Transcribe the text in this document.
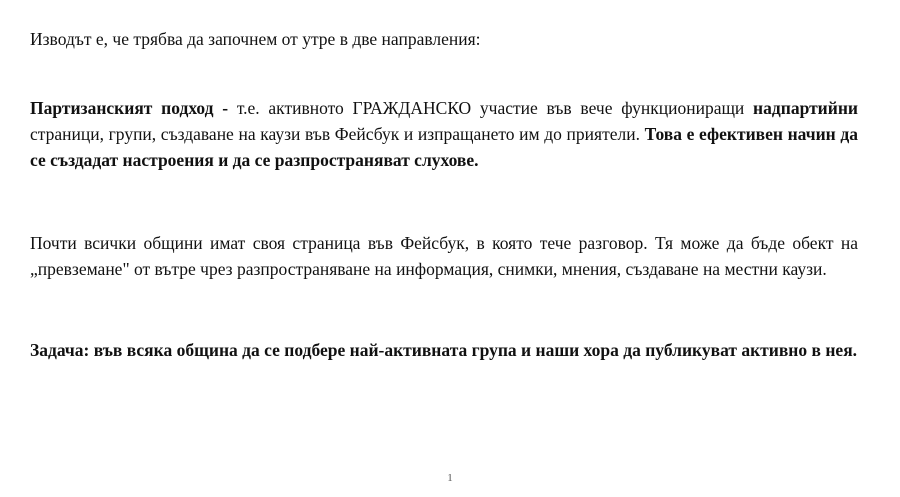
Изводът е, че трябва да започнем от утре в две направления:

Партизанският подход - т.е. активното ГРАЖДАНСКО участие във вече функциониращи надпартийни страници, групи, създаване на каузи във Фейсбук и изпращането им до приятели. Това е ефективен начин да се създадат настроения и да се разпространяват слухове.

Почти всички общини имат своя страница във Фейсбук, в която тече разговор. Тя може да бъде обект на „превземане" от вътре чрез разпространяване на информация, снимки, мнения, създаване на местни каузи.

Задача: във всяка община да се подбере най-активната група и наши хора да публикуват активно в нея.

1
